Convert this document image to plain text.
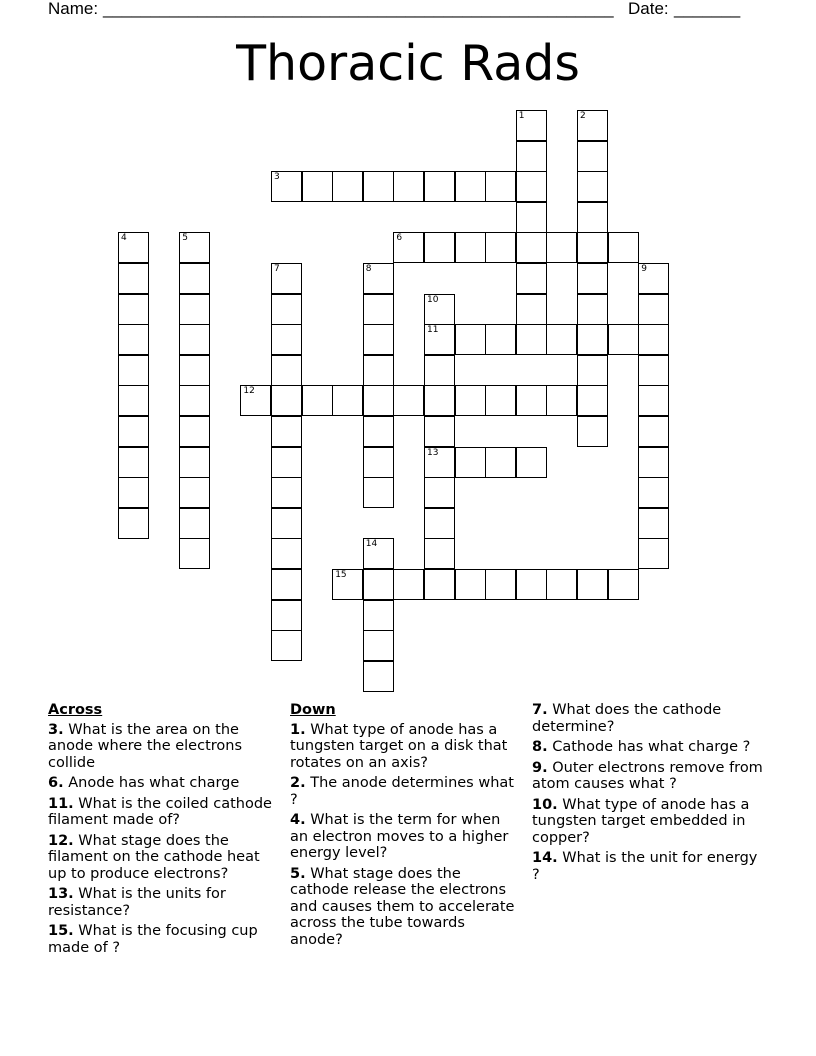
Name: ______________________________________________________ Date: _______
Thoracic Rads
1	2
3
4	5	6
7	8	9
10
11
13
12
14
15
Across
3. What is the area on the anode where the electrons collide
6. Anode has what charge
11. What is the coiled cathode filament made of?
12. What stage does the filament on the cathode heat up to produce electrons?
13. What is the units for resistance?
15. What is the focusing cup made of ?
Down
1. What type of anode has a tungsten target on a disk that rotates on an axis?
2. The anode determines what ?
4. What is the term for when an electron moves to a higher energy level?
5. What stage does the cathode release the electrons and causes them to accelerate across the tube towards anode?
7. What does the cathode determine?
8. Cathode has what charge ?
9. Outer electrons remove from atom causes what ?
10. What type of anode has a tungsten target embedded in copper?
14. What is the unit for energy ?
